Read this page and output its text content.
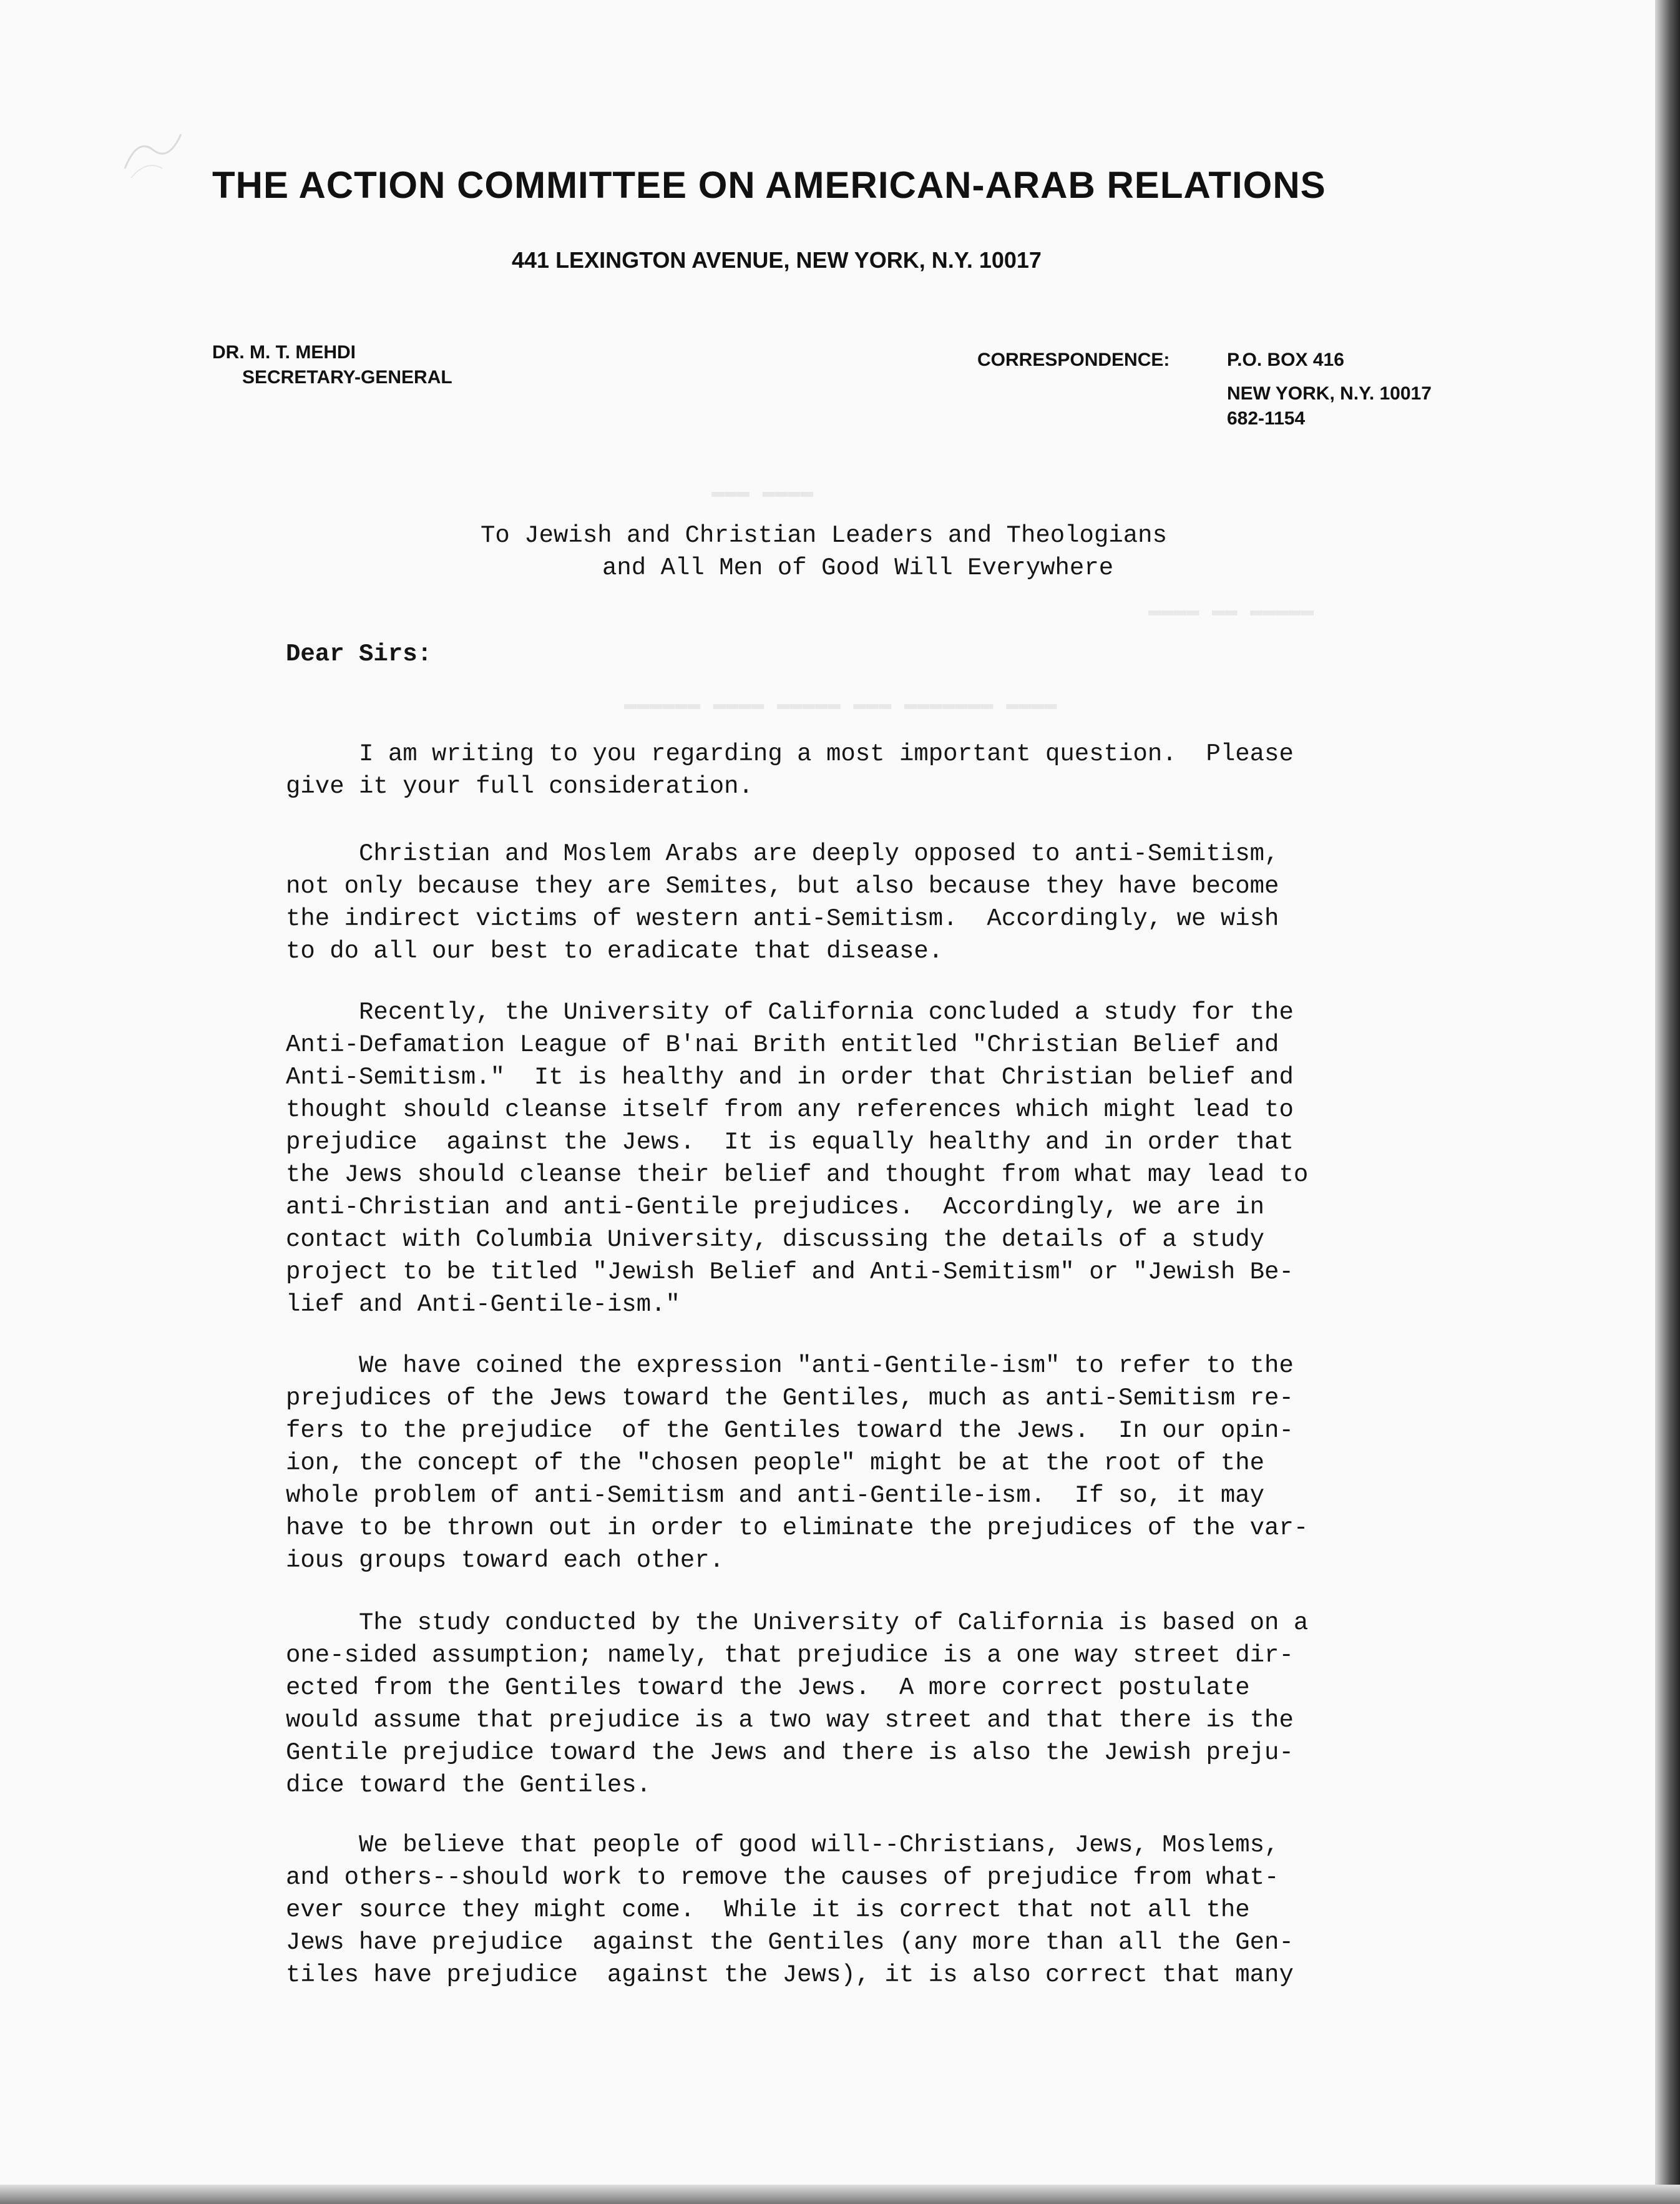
▬▬▬ ▬▬▬▬
▬▬▬▬ ▬▬ ▬▬▬▬▬
▬▬▬▬▬▬ ▬▬▬▬ ▬▬▬▬▬ ▬▬▬ ▬▬▬▬▬▬▬ ▬▬▬▬
THE ACTION COMMITTEE ON AMERICAN-ARAB RELATIONS
441 LEXINGTON AVENUE, NEW YORK, N.Y. 10017
DR. M. T. MEHDI
SECRETARY-GENERAL
CORRESPONDENCE:	P.O. BOX 416
NEW YORK, N.Y. 10017
682-1154
To Jewish and Christian Leaders and Theologians
and All Men of Good Will Everywhere
Dear Sirs:
I am writing to you regarding a most important question.  Please
give it your full consideration.
Christian and Moslem Arabs are deeply opposed to anti-Semitism,
not only because they are Semites, but also because they have become
the indirect victims of western anti-Semitism.  Accordingly, we wish
to do all our best to eradicate that disease.
Recently, the University of California concluded a study for the
Anti-Defamation League of B'nai Brith entitled "Christian Belief and
Anti-Semitism."  It is healthy and in order that Christian belief and
thought should cleanse itself from any references which might lead to
prejudice  against the Jews.  It is equally healthy and in order that
the Jews should cleanse their belief and thought from what may lead to
anti-Christian and anti-Gentile prejudices.  Accordingly, we are in
contact with Columbia University, discussing the details of a study
project to be titled "Jewish Belief and Anti-Semitism" or "Jewish Be-
lief and Anti-Gentile-ism."
We have coined the expression "anti-Gentile-ism" to refer to the
prejudices of the Jews toward the Gentiles, much as anti-Semitism re-
fers to the prejudice  of the Gentiles toward the Jews.  In our opin-
ion, the concept of the "chosen people" might be at the root of the
whole problem of anti-Semitism and anti-Gentile-ism.  If so, it may
have to be thrown out in order to eliminate the prejudices of the var-
ious groups toward each other.
The study conducted by the University of California is based on a
one-sided assumption; namely, that prejudice is a one way street dir-
ected from the Gentiles toward the Jews.  A more correct postulate
would assume that prejudice is a two way street and that there is the
Gentile prejudice toward the Jews and there is also the Jewish preju-
dice toward the Gentiles.
We believe that people of good will--Christians, Jews, Moslems,
and others--should work to remove the causes of prejudice from what-
ever source they might come.  While it is correct that not all the
Jews have prejudice  against the Gentiles (any more than all the Gen-
tiles have prejudice  against the Jews), it is also correct that many
